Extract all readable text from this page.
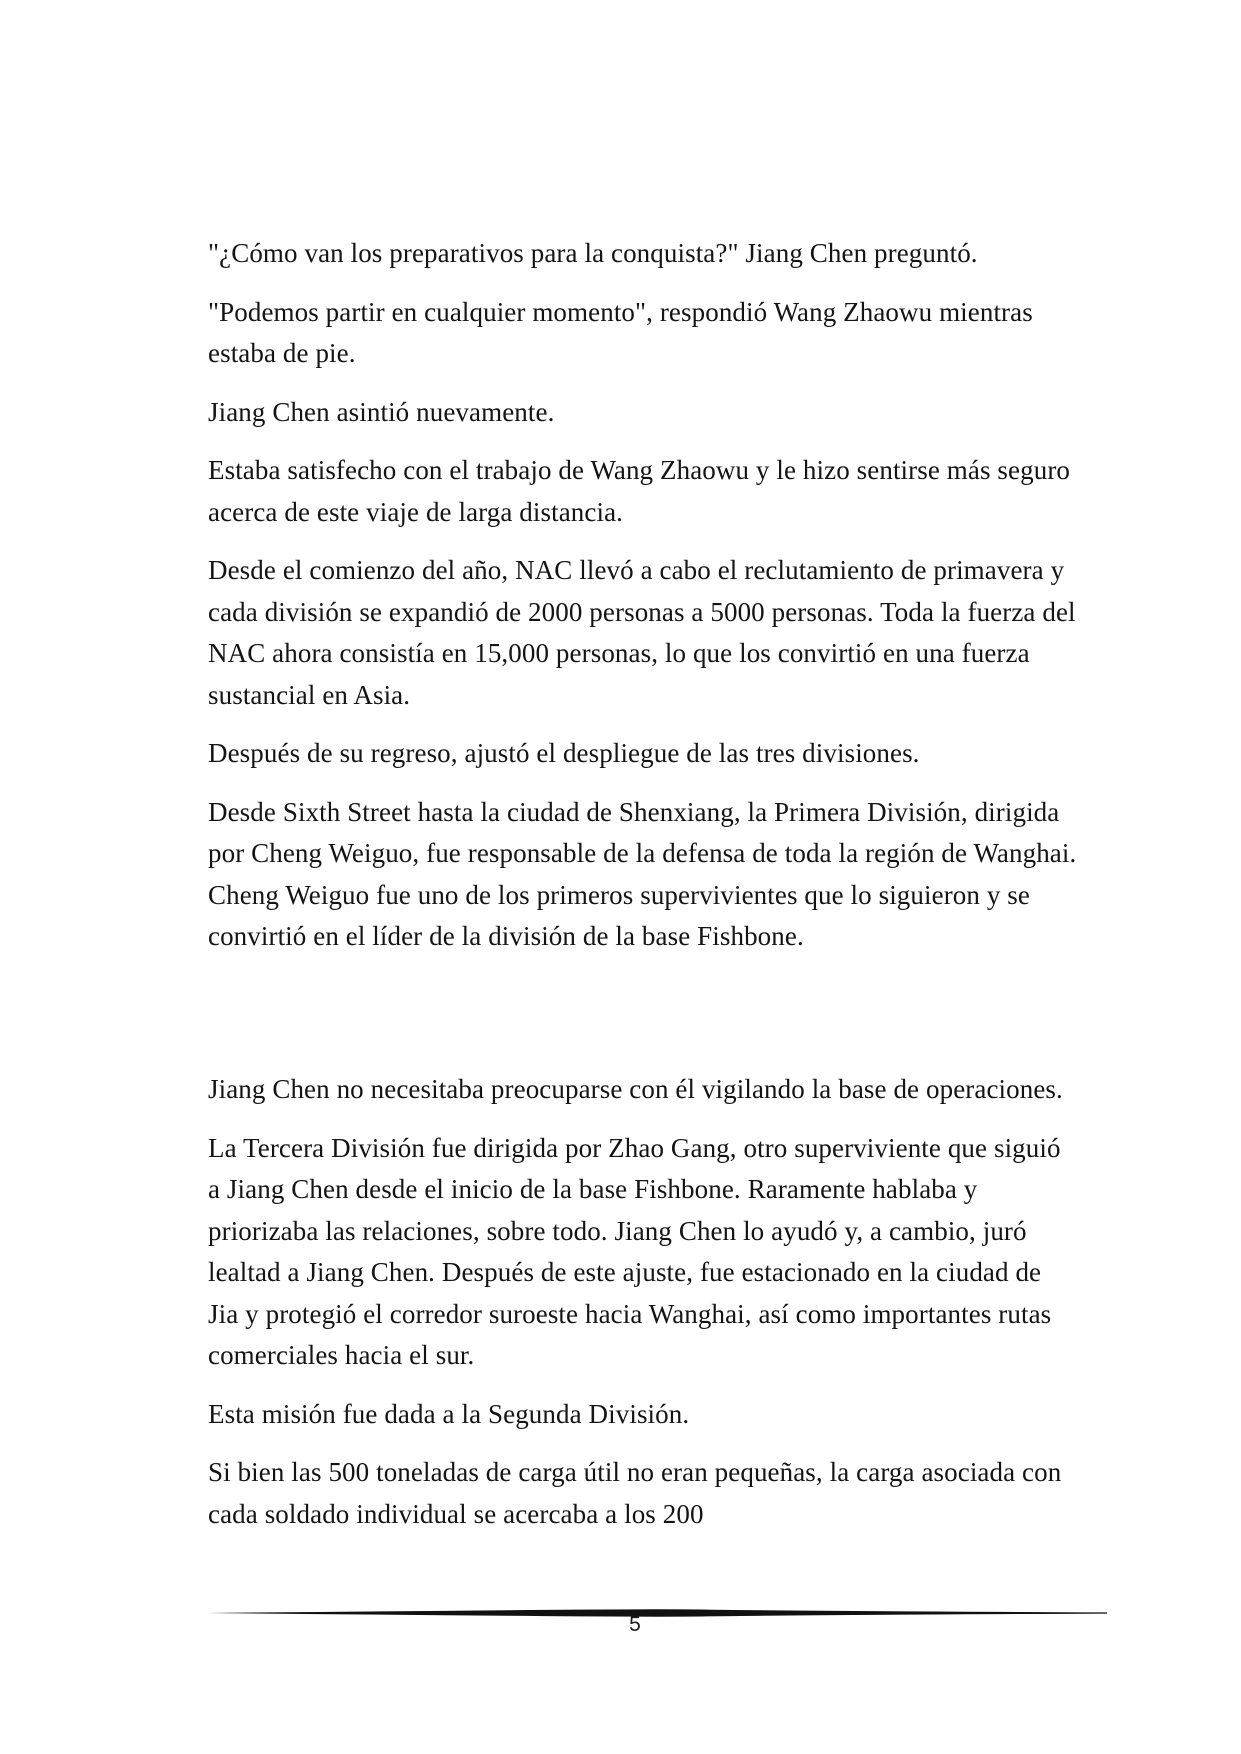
"¿Cómo van los preparativos para la conquista?" Jiang Chen preguntó.

"Podemos partir en cualquier momento", respondió Wang Zhaowu mientras estaba de pie.

Jiang Chen asintió nuevamente.

Estaba satisfecho con el trabajo de Wang Zhaowu y le hizo sentirse más seguro acerca de este viaje de larga distancia.

Desde el comienzo del año, NAC llevó a cabo el reclutamiento de primavera y cada división se expandió de 2000 personas a 5000 personas. Toda la fuerza del NAC ahora consistía en 15,000 personas, lo que los convirtió en una fuerza sustancial en Asia.

Después de su regreso, ajustó el despliegue de las tres divisiones.

Desde Sixth Street hasta la ciudad de Shenxiang, la Primera División, dirigida por Cheng Weiguo, fue responsable de la defensa de toda la región de Wanghai. Cheng Weiguo fue uno de los primeros supervivientes que lo siguieron y se convirtió en el líder de la división de la base Fishbone.

Jiang Chen no necesitaba preocuparse con él vigilando la base de operaciones.

La Tercera División fue dirigida por Zhao Gang, otro superviviente que siguió a Jiang Chen desde el inicio de la base Fishbone. Raramente hablaba y priorizaba las relaciones, sobre todo. Jiang Chen lo ayudó y, a cambio, juró lealtad a Jiang Chen. Después de este ajuste, fue estacionado en la ciudad de Jia y protegió el corredor suroeste hacia Wanghai, así como importantes rutas comerciales hacia el sur.

Esta misión fue dada a la Segunda División.

Si bien las 500 toneladas de carga útil no eran pequeñas, la carga asociada con cada soldado individual se acercaba a los 200

5
